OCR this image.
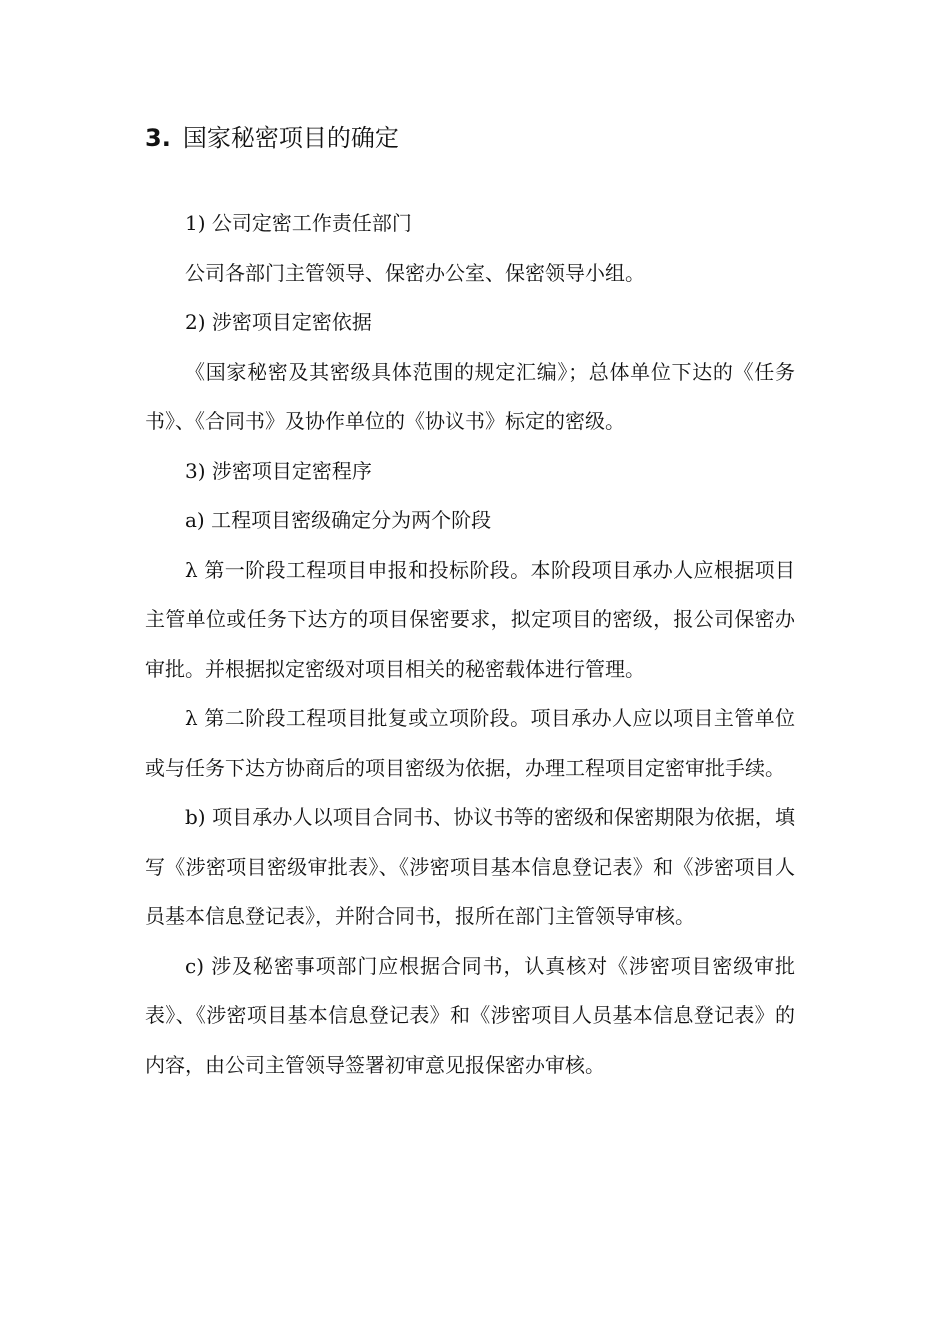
3. 国家秘密项目的确定

1) 公司定密工作责任部门

公司各部门主管领导、保密办公室、保密领导小组。

2) 涉密项目定密依据

《国家秘密及其密级具体范围的规定汇编》；总体单位下达的《任务书》、《合同书》及协作单位的《协议书》标定的密级。

3) 涉密项目定密程序

a) 工程项目密级确定分为两个阶段

λ 第一阶段工程项目申报和投标阶段。本阶段项目承办人应根据项目主管单位或任务下达方的项目保密要求，拟定项目的密级，报公司保密办审批。并根据拟定密级对项目相关的秘密载体进行管理。

λ 第二阶段工程项目批复或立项阶段。项目承办人应以项目主管单位或与任务下达方协商后的项目密级为依据，办理工程项目定密审批手续。

b) 项目承办人以项目合同书、协议书等的密级和保密期限为依据，填写《涉密项目密级审批表》、《涉密项目基本信息登记表》和《涉密项目人员基本信息登记表》，并附合同书，报所在部门主管领导审核。

c) 涉及秘密事项部门应根据合同书，认真核对《涉密项目密级审批表》、《涉密项目基本信息登记表》和《涉密项目人员基本信息登记表》的内容，由公司主管领导签署初审意见报保密办审核。
